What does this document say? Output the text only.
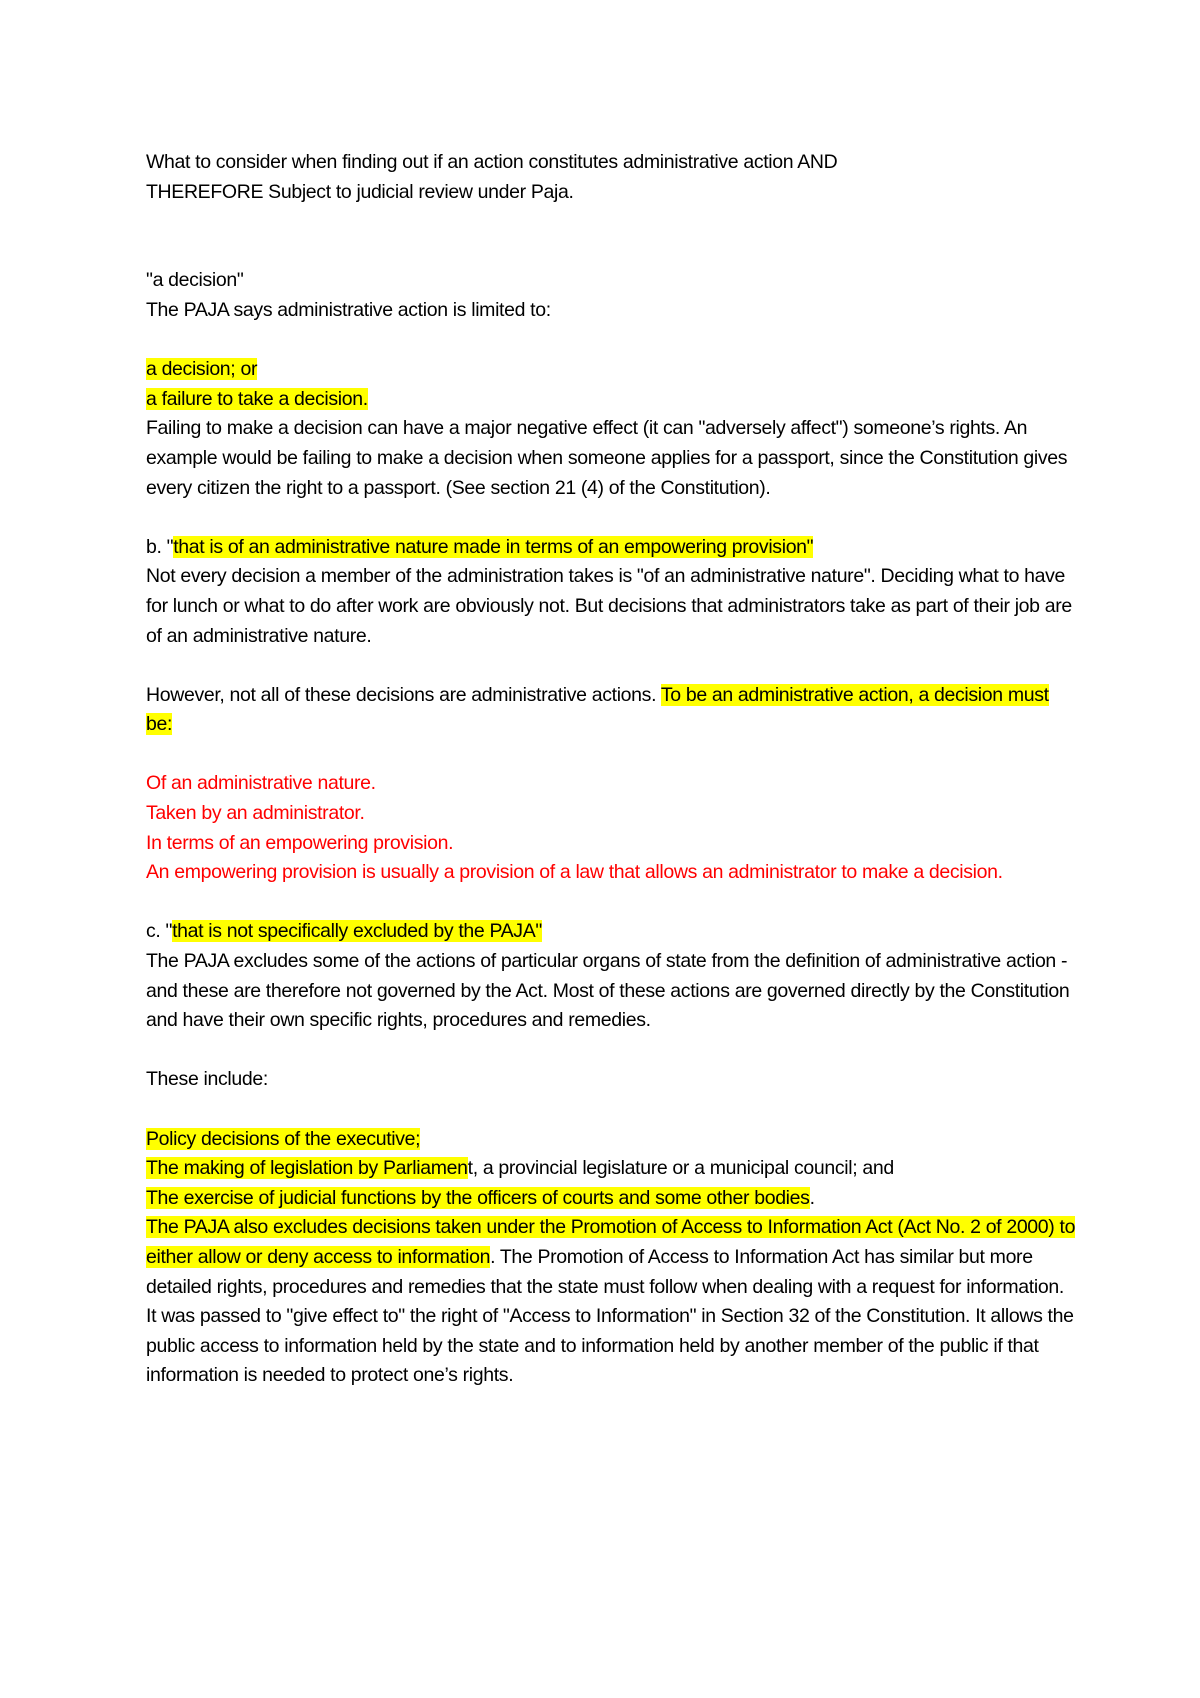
What to consider when finding out if an action constitutes administrative action AND

THEREFORE Subject to judicial review under Paja.

"a decision"

The PAJA says administrative action is limited to:

a decision; or

a failure to take a decision.

Failing to make a decision can have a major negative effect (it can "adversely affect") someone’s rights. An example would be failing to make a decision when someone applies for a passport, since the Constitution gives every citizen the right to a passport. (See section 21 (4) of the Constitution).

b. "that is of an administrative nature made in terms of an empowering provision"

Not every decision a member of the administration takes is "of an administrative nature". Deciding what to have for lunch or what to do after work are obviously not. But decisions that administrators take as part of their job are of an administrative nature.

However, not all of these decisions are administrative actions. To be an administrative action, a decision must be:

Of an administrative nature.

Taken by an administrator.

In terms of an empowering provision.

An empowering provision is usually a provision of a law that allows an administrator to make a decision.

c. "that is not specifically excluded by the PAJA"

The PAJA excludes some of the actions of particular organs of state from the definition of administrative action - and these are therefore not governed by the Act. Most of these actions are governed directly by the Constitution and have their own specific rights, procedures and remedies.

These include:

Policy decisions of the executive;

The making of legislation by Parliament, a provincial legislature or a municipal council; and

The exercise of judicial functions by the officers of courts and some other bodies.

The PAJA also excludes decisions taken under the Promotion of Access to Information Act (Act No. 2 of 2000) to either allow or deny access to information. The Promotion of Access to Information Act has similar but more detailed rights, procedures and remedies that the state must follow when dealing with a request for information. It was passed to "give effect to" the right of "Access to Information" in Section 32 of the Constitution. It allows the public access to information held by the state and to information held by another member of the public if that information is needed to protect one’s rights.
